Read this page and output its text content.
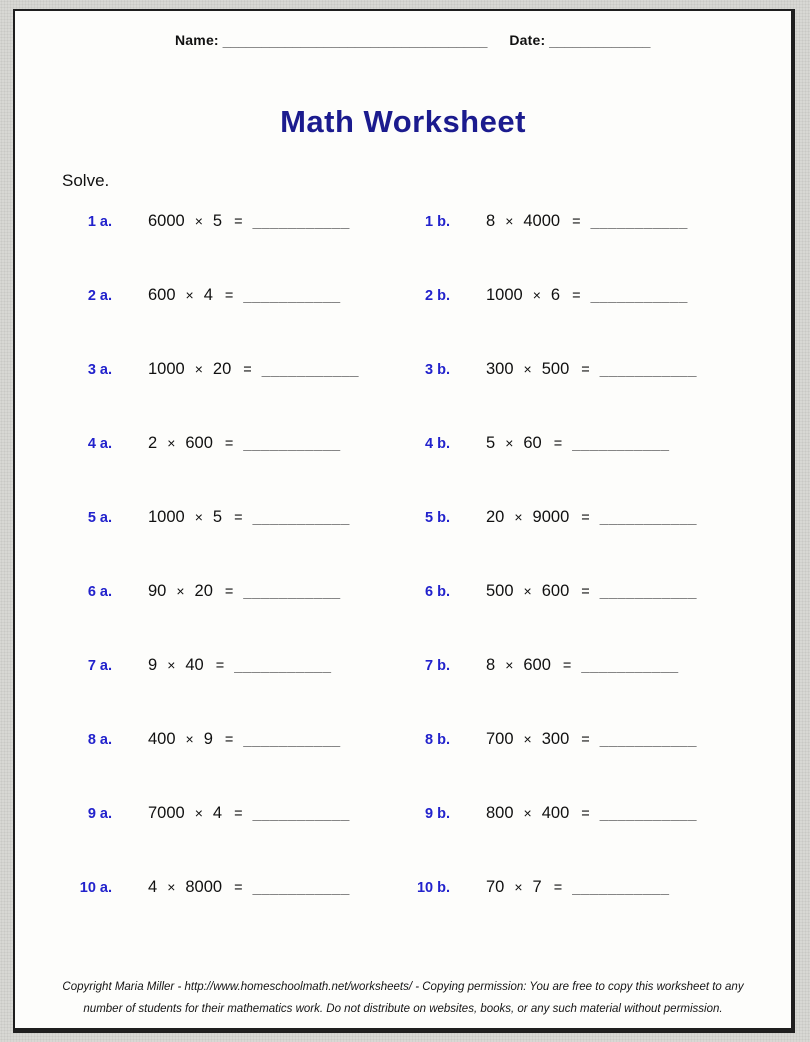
Name: __________________________________ Date: _____________
Math Worksheet
Solve.
1 a. 6000 × 5 = ___________	1 b. 8 × 4000 = ___________
2 a. 600 × 4 = ___________	2 b. 1000 × 6 = ___________
3 a. 1000 × 20 = ___________	3 b. 300 × 500 = ___________
4 a. 2 × 600 = ___________	4 b. 5 × 60 = ___________
5 a. 1000 × 5 = ___________	5 b. 20 × 9000 = ___________
6 a. 90 × 20 = ___________	6 b. 500 × 600 = ___________
7 a. 9 × 40 = ___________	7 b. 8 × 600 = ___________
8 a. 400 × 9 = ___________	8 b. 700 × 300 = ___________
9 a. 7000 × 4 = ___________	9 b. 800 × 400 = ___________
10 a. 4 × 8000 = ___________	10 b. 70 × 7 = ___________
Copyright Maria Miller - http://www.homeschoolmath.net/worksheets/ - Copying permission: You are free to copy this worksheet to any
number of students for their mathematics work. Do not distribute on websites, books, or any such material without permission.
